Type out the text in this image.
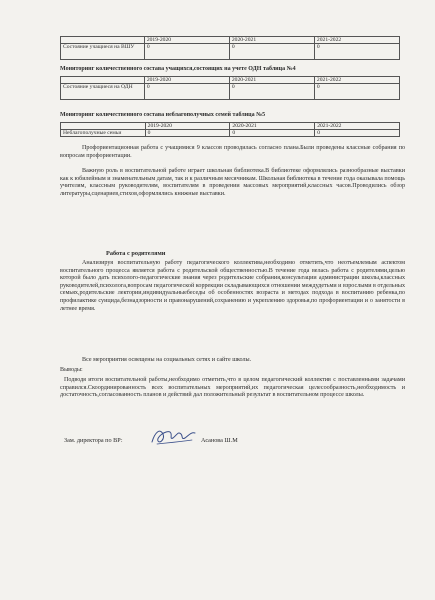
	2019-2020	2020-2021	2021-2022
Состояние учащиеся на ВШУ	0	0	0
Мониторинг количественного состава учащихся,состоящих на учете ОДН таблица №4
	2019-2020	2020-2021	2021-2022
Состояние учащиеся на ОДН	0	0	0
Мониторинг количественного состава неблагополучных семей таблица №5
	2019-2020	2020-2021	2021-2022
Неблагополучные семьи	0	0	0

Профориентационная работа с учащимися 9 классов проводилась согласно плана.Были проведены классные собрания по вопросам профориентации.

Важную роль в воспитательной работе играет школьная библиотека.В библиотеке оформлялись разнообразные выставки как к юбилейным и знаменательным датам, так и к различным месячникам. Школьная библиотека в течение года оказывала помощь учителям, классным руководителям, воспитателям в проведении массовых мероприятий,классных часов.Проводились обзор литературы,сценариев,стихов,оформлялись книжные выставки.

Работа с родителями

Анализируя воспитательную работу педагогического коллектива,необходимо отметить,что неотъемлемым аспектом воспитательного процесса является работа с родительской общественностью.В течение года велась работа с родителями,целью которой было дать психолого-педагогические знания через родительские собрания,консультации администрации школы,классных руководителей,психолога,вопросам педагогической коррекции складывающихся отношении междудетьми и взрослыми в отдельных семьях,родительские лектории,индивидуальныебеседы об особенностях возраста и методах подхода в воспитанию ребенка,по профилактике суицида,безнадзорности и правонарушений,сохранению и укреплению здоровья,по профориентации и о занятости в летнее время.

Все мероприятия освещены на социальных сетях и сайте школы.

Выводы:

Подводя итоги воспитательной работы,необходимо отметить,что в целом педагогический коллектив с поставленными задачами справился.Скоординированность всех воспитательных мероприятий,их педагогическая целесообразность,необходимость и достаточность,согласованность планов и действий дал положительный результат в воспитательном процессе школы.

Зам. директора по ВР:	Асанова Ш.М
